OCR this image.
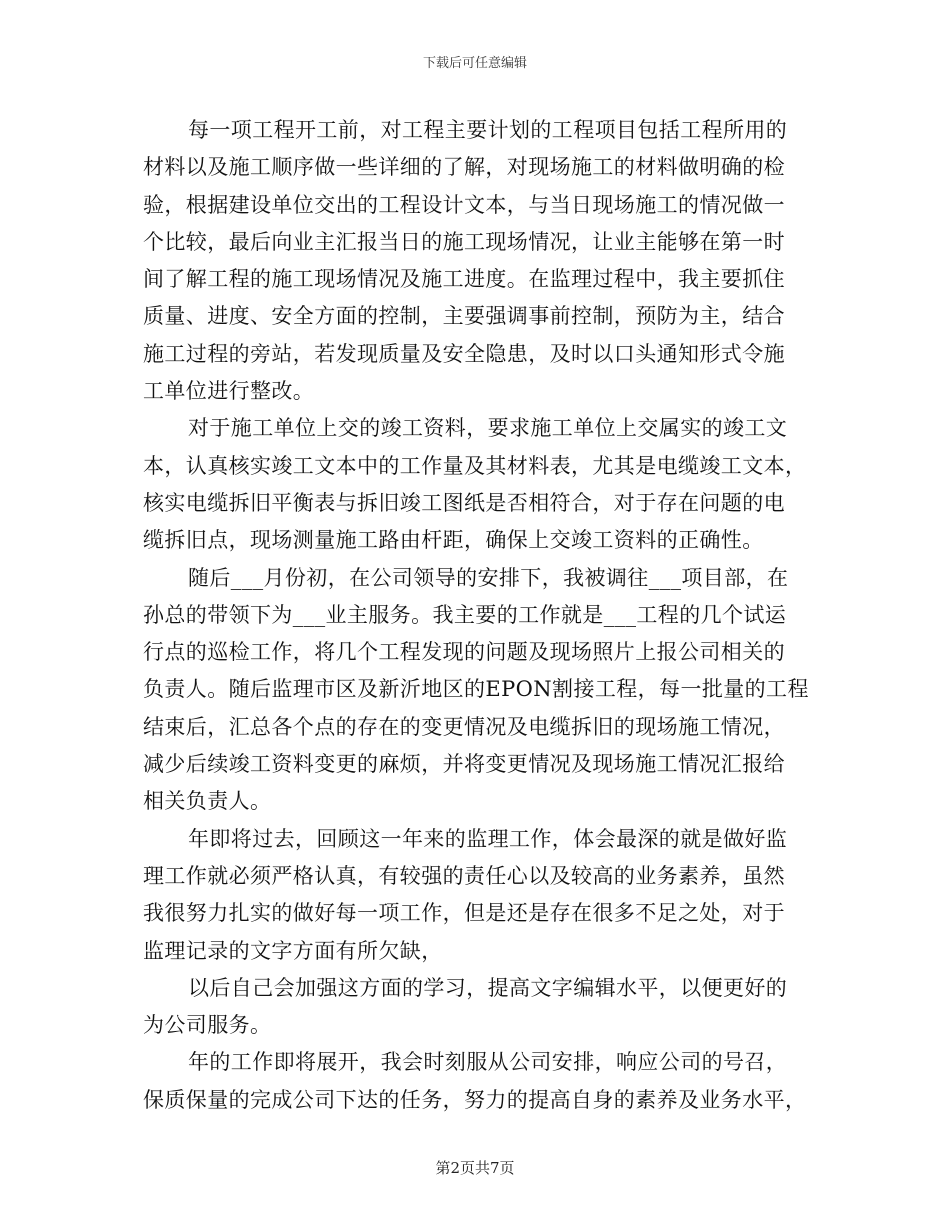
下载后可任意编辑
每一项工程开工前，对工程主要计划的工程项目包括工程所用的
材料以及施工顺序做一些详细的了解，对现场施工的材料做明确的检
验，根据建设单位交出的工程设计文本，与当日现场施工的情况做一
个比较，最后向业主汇报当日的施工现场情况，让业主能够在第一时
间了解工程的施工现场情况及施工进度。在监理过程中，我主要抓住
质量、进度、安全方面的控制，主要强调事前控制，预防为主，结合
施工过程的旁站，若发现质量及安全隐患，及时以口头通知形式令施
工单位进行整改。
对于施工单位上交的竣工资料，要求施工单位上交属实的竣工文
本，认真核实竣工文本中的工作量及其材料表，尤其是电缆竣工文本，
核实电缆拆旧平衡表与拆旧竣工图纸是否相符合，对于存在问题的电
缆拆旧点，现场测量施工路由杆距，确保上交竣工资料的正确性。
随后___月份初，在公司领导的安排下，我被调往___项目部，在
孙总的带领下为___业主服务。我主要的工作就是___工程的几个试运
行点的巡检工作，将几个工程发现的问题及现场照片上报公司相关的
负责人。随后监理市区及新沂地区的EPON割接工程，每一批量的工程
结束后，汇总各个点的存在的变更情况及电缆拆旧的现场施工情况，
减少后续竣工资料变更的麻烦，并将变更情况及现场施工情况汇报给
相关负责人。
年即将过去，回顾这一年来的监理工作，体会最深的就是做好监
理工作就必须严格认真，有较强的责任心以及较高的业务素养，虽然
我很努力扎实的做好每一项工作，但是还是存在很多不足之处，对于
监理记录的文字方面有所欠缺，
以后自己会加强这方面的学习，提高文字编辑水平，以便更好的
为公司服务。
年的工作即将展开，我会时刻服从公司安排，响应公司的号召，
保质保量的完成公司下达的任务，努力的提高自身的素养及业务水平，
第2页共7页
